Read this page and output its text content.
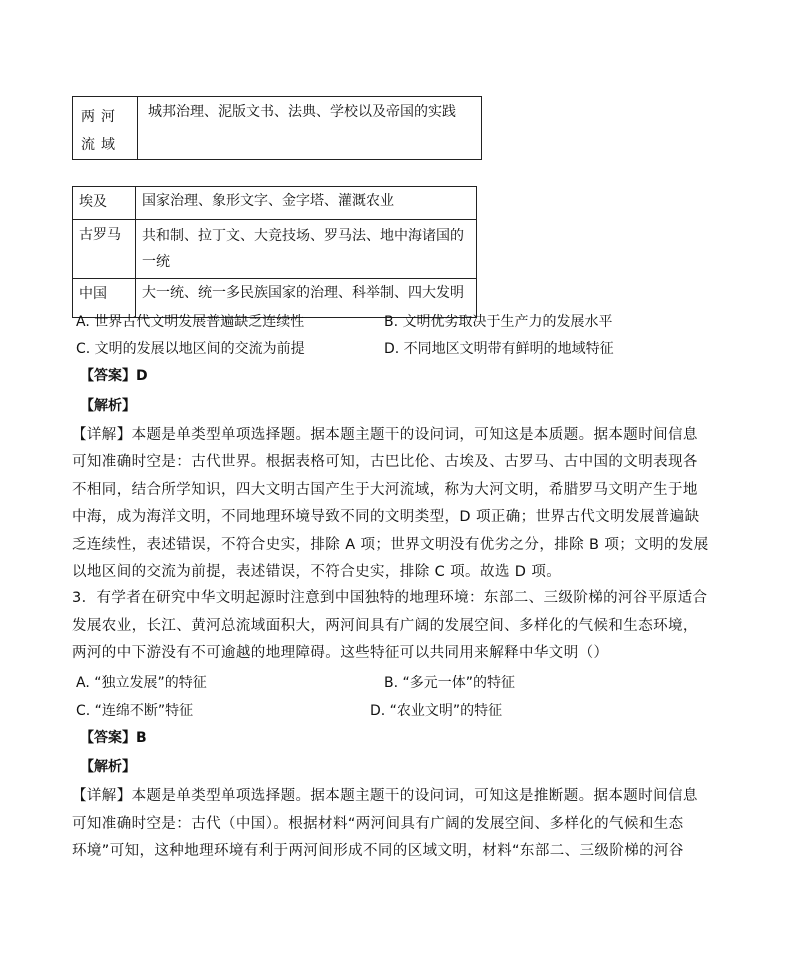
两河流域	城邦治理、泥版文书、法典、学校以及帝国的实践
埃及	国家治理、象形文字、金字塔、灌溉农业
古罗马	共和制、拉丁文、大竞技场、罗马法、地中海诸国的一统
中国	大一统、统一多民族国家的治理、科举制、四大发明
A. 世界古代文明发展普遍缺乏连续性	B. 文明优劣取决于生产力的发展水平
C. 文明的发展以地区间的交流为前提	D. 不同地区文明带有鲜明的地域特征
【答案】D
【解析】
【详解】本题是单类型单项选择题。据本题主题干的设问词，可知这是本质题。据本题时间信息
可知准确时空是：古代世界。根据表格可知，古巴比伦、古埃及、古罗马、古中国的文明表现各
不相同，结合所学知识，四大文明古国产生于大河流域，称为大河文明，希腊罗马文明产生于地
中海，成为海洋文明，不同地理环境导致不同的文明类型，D 项正确；世界古代文明发展普遍缺
乏连续性，表述错误，不符合史实，排除 A 项；世界文明没有优劣之分，排除 B 项；文明的发展
以地区间的交流为前提，表述错误，不符合史实，排除 C 项。故选 D 项。
3．有学者在研究中华文明起源时注意到中国独特的地理环境：东部二、三级阶梯的河谷平原适合
发展农业，长江、黄河总流域面积大，两河间具有广阔的发展空间、多样化的气候和生态环境，
两河的中下游没有不可逾越的地理障碍。这些特征可以共同用来解释中华文明（）
A. “独立发展”的特征	B. “多元一体”的特征
C. “连绵不断”特征	D. “农业文明”的特征
【答案】B
【解析】
【详解】本题是单类型单项选择题。据本题主题干的设问词，可知这是推断题。据本题时间信息
可知准确时空是：古代（中国）。根据材料“两河间具有广阔的发展空间、多样化的气候和生态
环境”可知，这种地理环境有利于两河间形成不同的区域文明，材料“东部二、三级阶梯的河谷
